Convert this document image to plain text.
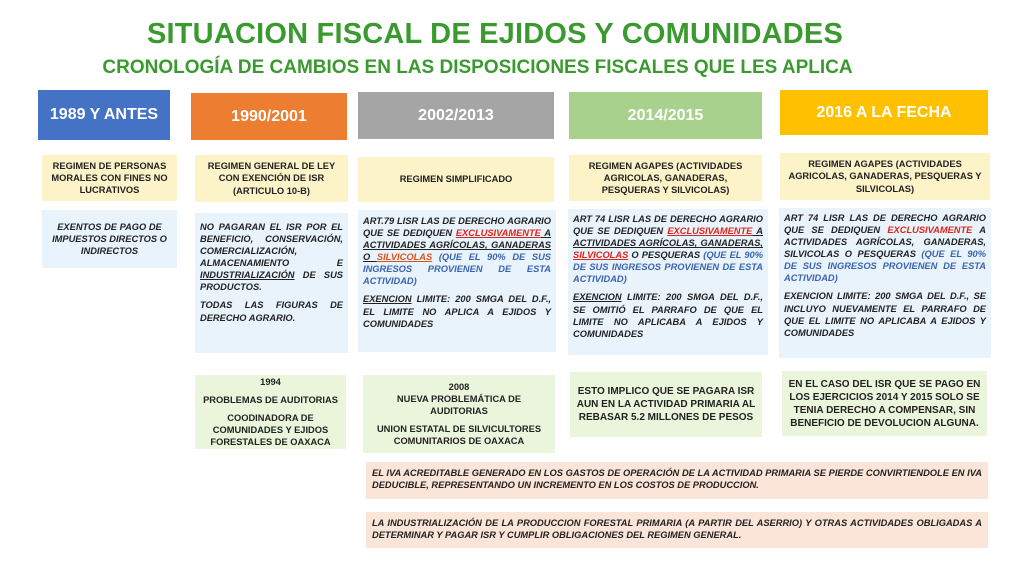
SITUACION FISCAL DE EJIDOS Y COMUNIDADES
CRONOLOGÍA DE CAMBIOS EN LAS DISPOSICIONES FISCALES QUE LES APLICA
1989 Y ANTES	1990/2001	2002/2013	2014/2015	2016 A LA FECHA
REGIMEN DE PERSONAS MORALES CON FINES NO LUCRATIVOS
REGIMEN GENERAL DE LEY CON EXENCIÓN DE ISR (ARTICULO 10-B)
REGIMEN SIMPLIFICADO
REGIMEN AGAPES (ACTIVIDADES AGRICOLAS, GANADERAS, PESQUERAS Y SILVICOLAS)
REGIMEN AGAPES (ACTIVIDADES AGRICOLAS, GANADERAS, PESQUERAS Y SILVICOLAS)
EXENTOS DE PAGO DE IMPUESTOS DIRECTOS O INDIRECTOS
NO PAGARAN EL ISR POR EL BENEFICIO, CONSERVACIÓN, COMERCIALIZACIÓN, ALMACENAMIENTO E INDUSTRIALIZACIÓN DE SUS PRODUCTOS.
TODAS LAS FIGURAS DE DERECHO AGRARIO.
ART.79 LISR LAS DE DERECHO AGRARIO QUE SE DEDIQUEN EXCLUSIVAMENTE A ACTIVIDADES AGRÍCOLAS, GANADERAS O SILVICOLAS (QUE EL 90% DE SUS INGRESOS PROVIENEN DE ESTA ACTIVIDAD)
EXENCION LIMITE: 200 SMGA DEL D.F., EL LIMITE NO APLICA A EJIDOS Y COMUNIDADES
ART 74 LISR LAS DE DERECHO AGRARIO QUE SE DEDIQUEN EXCLUSIVAMENTE A ACTIVIDADES AGRÍCOLAS, GANADERAS, SILVICOLAS O PESQUERAS (QUE EL 90% DE SUS INGRESOS PROVIENEN DE ESTA ACTIVIDAD)
EXENCION LIMITE: 200 SMGA DEL D.F., SE OMITIÓ EL PARRAFO DE QUE EL LIMITE NO APLICABA A EJIDOS Y COMUNIDADES
ART 74 LISR LAS DE DERECHO AGRARIO QUE SE DEDIQUEN EXCLUSIVAMENTE A ACTIVIDADES AGRÍCOLAS, GANADERAS, SILVICOLAS O PESQUERAS (QUE EL 90% DE SUS INGRESOS PROVIENEN DE ESTA ACTIVIDAD)
EXENCION LIMITE: 200 SMGA DEL D.F., SE INCLUYO NUEVAMENTE EL PARRAFO DE QUE EL LIMITE NO APLICABA A EJIDOS Y COMUNIDADES
1994
PROBLEMAS DE AUDITORIAS
COODINADORA DE COMUNIDADES Y EJIDOS FORESTALES DE OAXACA
2008
NUEVA PROBLEMÁTICA DE AUDITORIAS
UNION ESTATAL DE SILVICULTORES COMUNITARIOS DE OAXACA
ESTO IMPLICO QUE SE PAGARA ISR AUN EN LA ACTIVIDAD PRIMARIA AL REBASAR 5.2 MILLONES DE PESOS
EN EL CASO DEL ISR QUE SE PAGO EN LOS EJERCICIOS 2014 Y 2015 SOLO SE TENIA DERECHO A COMPENSAR, SIN BENEFICIO DE DEVOLUCION ALGUNA.
EL IVA ACREDITABLE GENERADO EN LOS GASTOS DE OPERACIÓN DE LA ACTIVIDAD PRIMARIA SE PIERDE CONVIRTIENDOLE EN IVA DEDUCIBLE, REPRESENTANDO UN INCREMENTO EN LOS COSTOS DE PRODUCCION.
LA INDUSTRIALIZACIÓN DE LA PRODUCCION FORESTAL PRIMARIA (A PARTIR DEL ASERRIO) Y OTRAS ACTIVIDADES OBLIGADAS A DETERMINAR Y PAGAR ISR Y CUMPLIR OBLIGACIONES DEL REGIMEN GENERAL.
